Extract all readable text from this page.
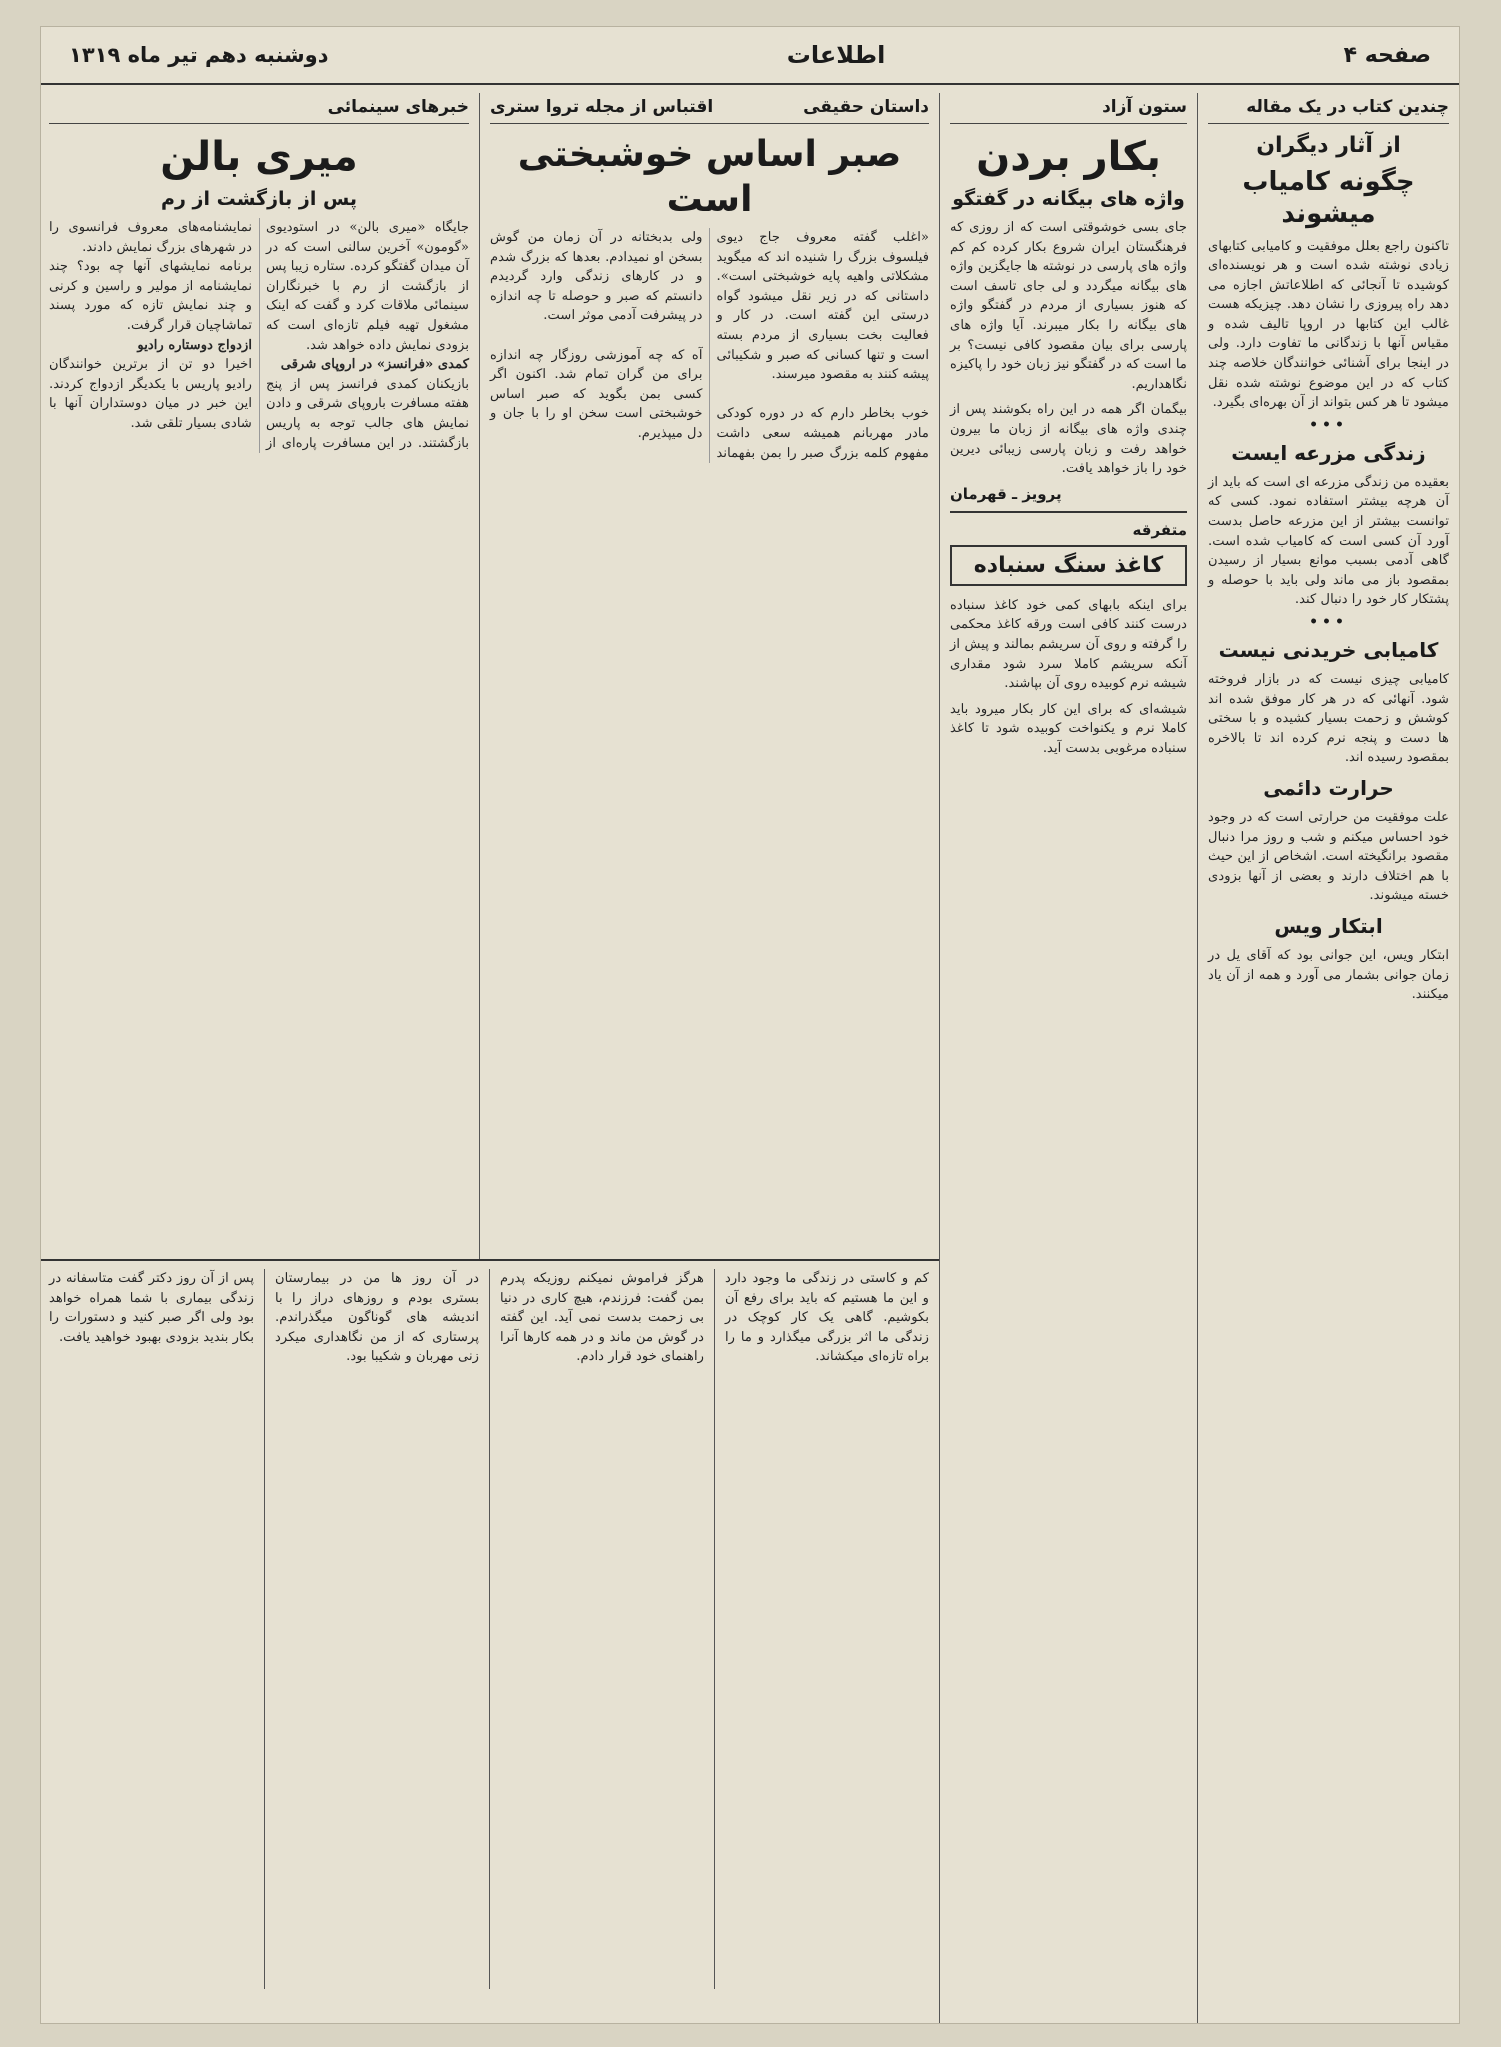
صفحه ۴
اطلاعات
دوشنبه دهم تیر ماه ۱۳۱۹
چندین کتاب در یک مقاله
از آثار دیگران
چگونه کامیاب میشوند
تاکنون راجع بعلل موفقیت و کامیابی کتابهای زیادی نوشته شده است و هر نویسنده‌ای کوشیده تا آنجائی که اطلاعاتش اجازه می دهد راه پیروزی را نشان دهد. چیزیکه هست غالب این کتابها در اروپا تالیف شده و مقیاس آنها با زندگانی ما تفاوت دارد. ولی در اینجا برای آشنائی خوانندگان خلاصه چند کتاب که در این موضوع نوشته شده نقل میشود تا هر کس بتواند از آن بهره‌ای بگیرد.
•••
زندگی مزرعه ایست
بعقیده من زندگی مزرعه ای است که باید از آن هرچه بیشتر استفاده نمود. کسی که توانست بیشتر از این مزرعه حاصل بدست آورد آن کسی است که کامیاب شده است. گاهی آدمی بسبب موانع بسیار از رسیدن بمقصود باز می ماند ولی باید با حوصله و پشتکار کار خود را دنبال کند.
•••
کامیابی خریدنی نیست
کامیابی چیزی نیست که در بازار فروخته شود. آنهائی که در هر کار موفق شده اند کوشش و زحمت بسیار کشیده و با سختی ها دست و پنجه نرم کرده اند تا بالاخره بمقصود رسیده اند.
حرارت دائمی
علت موفقیت من حرارتی است که در وجود خود احساس میکنم و شب و روز مرا دنبال مقصود برانگیخته است. اشخاص از این حیث با هم اختلاف دارند و بعضی از آنها بزودی خسته میشوند.
ابتکار ویس
ابتکار ویس، این جوانی بود که آقای یل در زمان جوانی بشمار می آورد و همه از آن یاد میکنند.
ستون آزاد
بکار بردن
واژه های بیگانه در گفتگو
جای بسی خوشوقتی است که از روزی که فرهنگستان ایران شروع بکار کرده کم کم واژه های پارسی در نوشته ها جایگزین واژه های بیگانه میگردد و لی جای تاسف است که هنوز بسیاری از مردم در گفتگو واژه های بیگانه را بکار میبرند. آیا واژه های پارسی برای بیان مقصود کافی نیست؟ بر ما است که در گفتگو نیز زبان خود را پاکیزه نگاهداریم.
بیگمان اگر همه در این راه بکوشند پس از چندی واژه های بیگانه از زبان ما بیرون خواهد رفت و زبان پارسی زیبائی دیرین خود را باز خواهد یافت.
پرویز ـ قهرمان
متفرقه
کاغذ سنگ سنباده
برای اینکه بابهای کمی خود کاغذ سنباده درست کنند کافی است ورقه کاغذ محکمی را گرفته و روی آن سریشم بمالند و پیش از آنکه سریشم کاملا سرد شود مقداری شیشه نرم کوبیده روی آن بپاشند.
شیشه‌ای که برای این کار بکار میرود باید کاملا نرم و یکنواخت کوبیده شود تا کاغذ سنباده مرغوبی بدست آید.
داستان حقیقی
اقتباس از مجله تروا ستری
صبر اساس خوشبختی است
«اغلب گفته معروف جاج دیوی فیلسوف بزرگ را شنیده اند که میگوید مشکلاتی واهیه پایه خوشبختی است». داستانی که در زیر نقل میشود گواه درستی این گفته است. در کار و فعالیت بخت بسیاری از مردم بسته است و تنها کسانی که صبر و شکیبائی پیشه کنند به مقصود میرسند.

خوب بخاطر دارم که در دوره کودکی مادر مهربانم همیشه سعی داشت مفهوم کلمه بزرگ صبر را بمن بفهماند ولی بدبختانه در آن زمان من گوش بسخن او نمیدادم. بعدها که بزرگ شدم و در کارهای زندگی وارد گردیدم دانستم که صبر و حوصله تا چه اندازه در پیشرفت آدمی موثر است.

آه که چه آموزشی روزگار چه اندازه برای من گران تمام شد. اکنون اگر کسی بمن بگوید که صبر اساس خوشبختی است سخن او را با جان و دل میپذیرم.
خبرهای سینمائی
میری بالن
پس از بازگشت از رم
جایگاه «میری بالن» در استودیوی «گومون» آخرین سالنی است که در آن میدان گفتگو کرده. ستاره زیبا پس از بازگشت از رم با خبرنگاران سینمائی ملاقات کرد و گفت که اینک مشغول تهیه فیلم تازه‌ای است که بزودی نمایش داده خواهد شد.
کمدی «فرانسز» در اروپای شرقی
بازیکنان کمدی فرانسز پس از پنج هفته مسافرت باروپای شرقی و دادن نمایش های جالب توجه به پاریس بازگشتند. در این مسافرت پاره‌ای از نمایشنامه‌های معروف فرانسوی را در شهرهای بزرگ نمایش دادند.
برنامه نمایشهای آنها چه بود؟ چند نمایشنامه از مولیر و راسین و کرنی و چند نمایش تازه که مورد پسند تماشاچیان قرار گرفت.
ازدواج دوستاره رادیو
اخیرا دو تن از برترین خوانندگان رادیو پاریس با یکدیگر ازدواج کردند. این خبر در میان دوستداران آنها با شادی بسیار تلقی شد.
کم و کاستی در زندگی ما وجود دارد و این ما هستیم که باید برای رفع آن بکوشیم. گاهی یک کار کوچک در زندگی ما اثر بزرگی میگذارد و ما را براه تازه‌ای میکشاند.
هرگز فراموش نمیکنم روزیکه پدرم بمن گفت: فرزندم، هیچ کاری در دنیا بی زحمت بدست نمی آید. این گفته در گوش من ماند و در همه کارها آنرا راهنمای خود قرار دادم.
در آن روز ها من در بیمارستان بستری بودم و روزهای دراز را با اندیشه های گوناگون میگذراندم. پرستاری که از من نگاهداری میکرد زنی مهربان و شکیبا بود.
پس از آن روز دکتر گفت متاسفانه در زندگی بیماری با شما همراه خواهد بود ولی اگر صبر کنید و دستورات را بکار بندید بزودی بهبود خواهید یافت.
